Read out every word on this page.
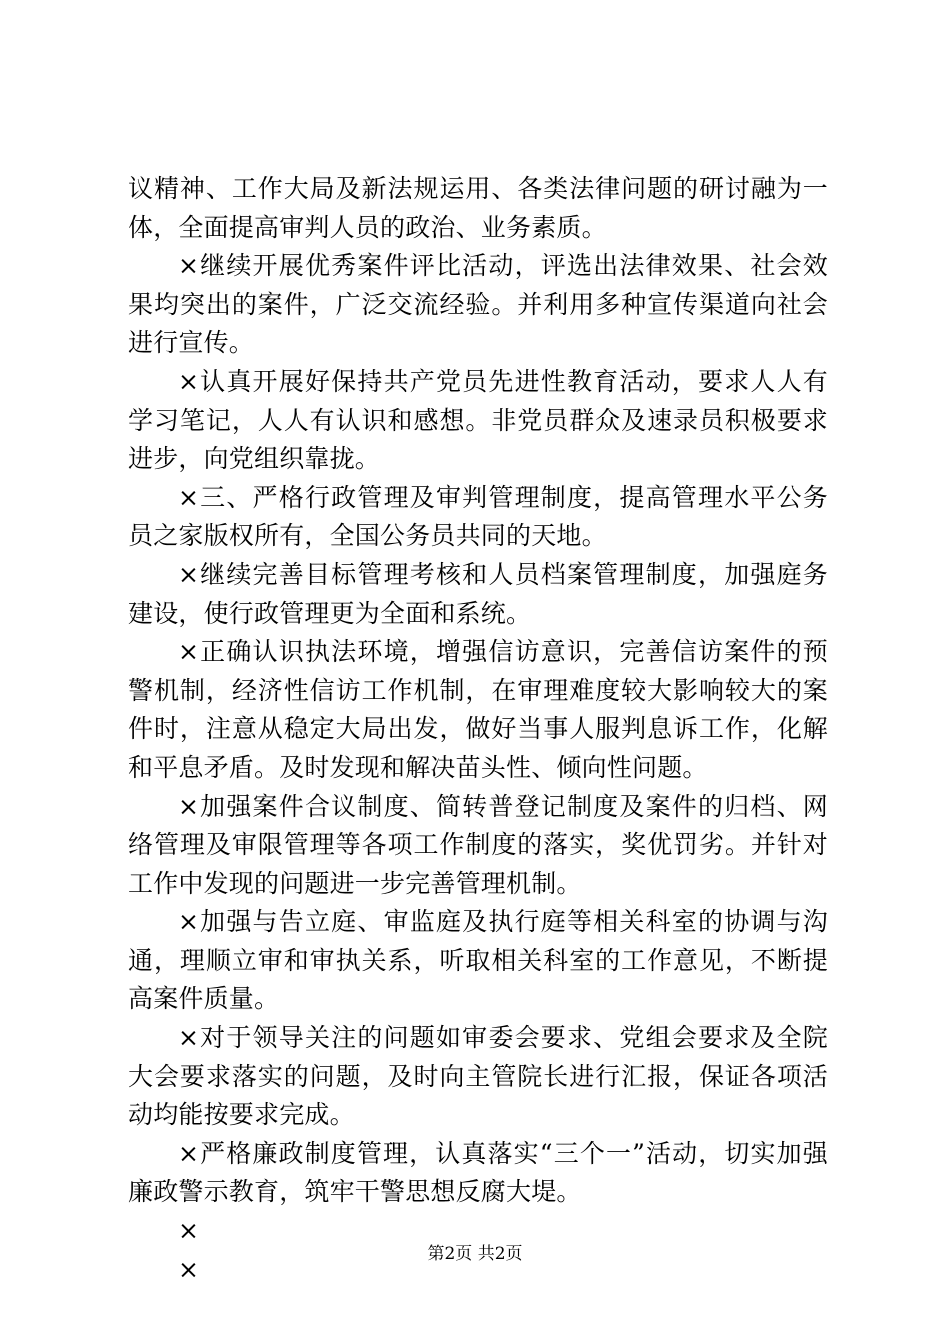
议精神、工作大局及新法规运用、各类法律问题的研讨融为一体，全面提高审判人员的政治、业务素质。

×继续开展优秀案件评比活动，评选出法律效果、社会效果均突出的案件，广泛交流经验。并利用多种宣传渠道向社会进行宣传。

×认真开展好保持共产党员先进性教育活动，要求人人有学习笔记，人人有认识和感想。非党员群众及速录员积极要求进步，向党组织靠拢。

×三、严格行政管理及审判管理制度，提高管理水平公务员之家版权所有，全国公务员共同的天地。

×继续完善目标管理考核和人员档案管理制度，加强庭务建设，使行政管理更为全面和系统。

×正确认识执法环境，增强信访意识，完善信访案件的预警机制，经济性信访工作机制，在审理难度较大影响较大的案件时，注意从稳定大局出发，做好当事人服判息诉工作，化解和平息矛盾。及时发现和解决苗头性、倾向性问题。

×加强案件合议制度、简转普登记制度及案件的归档、网络管理及审限管理等各项工作制度的落实，奖优罚劣。并针对工作中发现的问题进一步完善管理机制。

×加强与告立庭、审监庭及执行庭等相关科室的协调与沟通，理顺立审和审执关系，听取相关科室的工作意见，不断提高案件质量。

×对于领导关注的问题如审委会要求、党组会要求及全院大会要求落实的问题，及时向主管院长进行汇报，保证各项活动均能按要求完成。

×严格廉政制度管理，认真落实“三个一”活动，切实加强廉政警示教育，筑牢干警思想反腐大堤。

×

×

第2页 共2页
